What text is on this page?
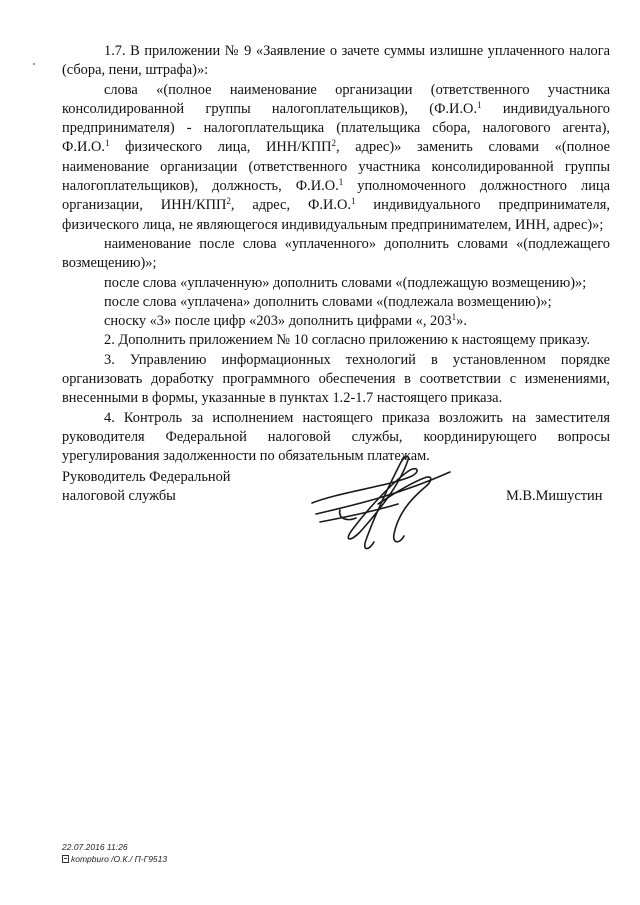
1.7. В приложении № 9 «Заявление о зачете суммы излишне уплаченного налога (сбора, пени, штрафа)»:

слова «(полное наименование организации (ответственного участника консолидированной группы налогоплательщиков), (Ф.И.О.$^1$ индивидуального предпринимателя) - налогоплательщика (плательщика сбора, налогового агента), Ф.И.О.$^1$ физического лица, ИНН/КПП$^2$, адрес)» заменить словами «(полное наименование организации (ответственного участника консолидированной группы налогоплательщиков), должность, Ф.И.О.$^1$ уполномоченного должностного лица организации, ИНН/КПП$^2$, адрес, Ф.И.О.$^1$ индивидуального предпринимателя, физического лица, не являющегося индивидуальным предпринимателем, ИНН, адрес)»;

наименование после слова «уплаченного» дополнить словами «(подлежащего возмещению)»;

после слова «уплаченную» дополнить словами «(подлежащую возмещению)»;

после слова «уплачена» дополнить словами «(подлежала возмещению)»;

сноску «3» после цифр «203» дополнить цифрами «, $203^1$».

2. Дополнить приложением № 10 согласно приложению к настоящему приказу.

3. Управлению информационных технологий в установленном порядке организовать доработку программного обеспечения в соответствии с изменениями, внесенными в формы, указанные в пунктах 1.2-1.7 настоящего приказа.

4. Контроль за исполнением настоящего приказа возложить на заместителя руководителя Федеральной налоговой службы, координирующего вопросы урегулирования задолженности по обязательным платежам.

Руководитель Федеральной
налоговой службы	М.В.Мишустин
22.07.2016 11:26
kompburo /О.К./ П-Г9513
